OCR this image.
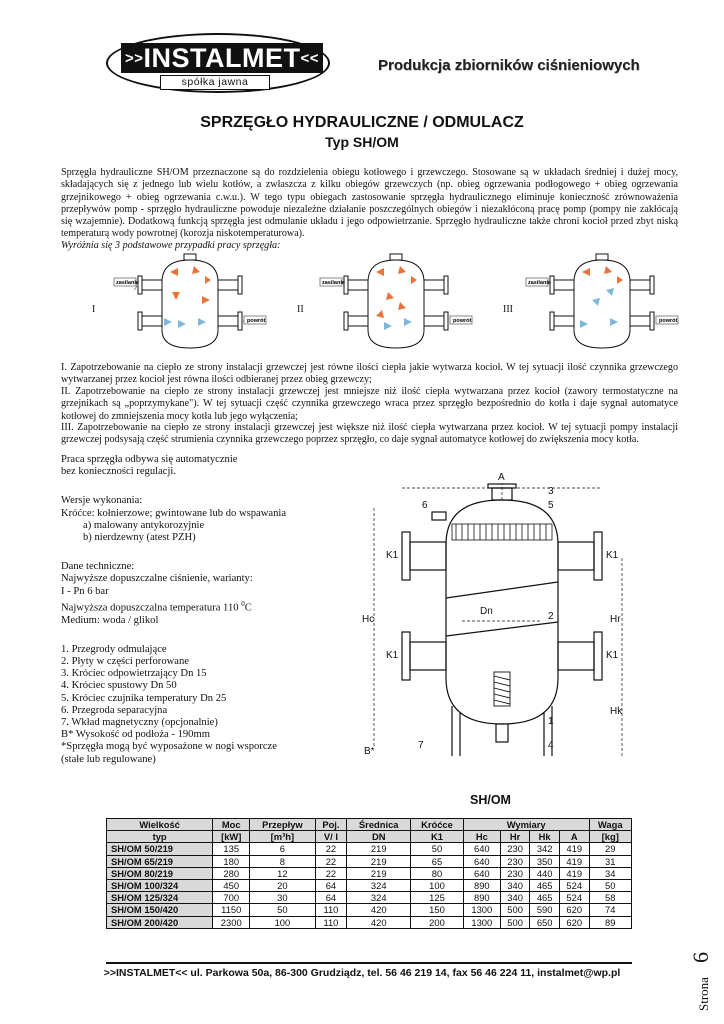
>>INSTALMET<<
spółka jawna
Produkcja zbiorników ciśnieniowych
SPRZĘGŁO HYDRAULICZNE / ODMULACZ
Typ SH/OM
Sprzęgła hydrauliczne SH/OM przeznaczone są do rozdzielenia obiegu kotłowego i grzewczego. Stosowane są w układach średniej i dużej mocy, składających się z jednego lub wielu kotłów, a zwłaszcza z kilku obiegów grzewczych (np. obieg ogrzewania podłogowego + obieg ogrzewania grzejnikowego + obieg ogrzewania c.w.u.). W tego typu obiegach zastosowanie sprzęgła hydraulicznego eliminuje konieczność zrównoważenia przepływów pomp - sprzęgło hydrauliczne powoduje niezależne działanie poszczególnych obiegów i niezakłóconą pracę pomp (pompy nie zakłócają się wzajemnie). Dodatkową funkcją sprzęgła jest odmulanie układu i jego odpowietrzanie. Sprzęgło hydrauliczne także chroni kocioł przed zbyt niską temperaturą wody powrotnej (korozja niskotemperaturowa).
Wyróżnia się 3 podstawowe przypadki pracy sprzęgła:
I	II	III
zasilanie
powrót
zasilanie
powrót
zasilanie
powrót
I. Zapotrzebowanie na ciepło ze strony instalacji grzewczej jest równe ilości ciepła jakie wytwarza kocioł. W tej sytuacji ilość czynnika grzewczego wytwarzanej przez kocioł jest równa ilości odbieranej przez obieg grzewczy;
II. Zapotrzebowanie na ciepło ze strony instalacji grzewczej jest mniejsze niż ilość ciepła wytwarzana przez kocioł (zawory termostatyczne na grzejnikach są „poprzymykane"). W tej sytuacji część czynnika grzewczego wraca przez sprzęgło bezpośrednio do kotła i daje sygnał automatyce kotłowej do zmniejszenia mocy kotła lub jego wyłączenia;
III. Zapotrzebowanie na ciepło ze strony instalacji grzewczej jest większe niż ilość ciepła wytwarzana przez kocioł. W tej sytuacji pompy instalacji grzewczej podsysają część strumienia czynnika grzewczego poprzez sprzęgło, co daje sygnał automatyce kotłowej do zwiększenia mocy kotła.
Praca sprzęgła odbywa się automatycznie
bez konieczności regulacji.
Wersje wykonania:
Króćce: kołnierzowe; gwintowane lub do wspawania
a) malowany antykorozyjnie
b) nierdzewny (atest PZH)
Dane techniczne:
Najwyższe dopuszczalne ciśnienie, warianty:
I - Pn 6 bar
Najwyższa dopuszczalna temperatura 110 $^0$C
Medium: woda / glikol
1. Przegrody odmulające
2. Płyty w części perforowane
3. Króciec odpowietrzający Dn 15
4. Króciec spustowy Dn 50
5. Króciec czujnika temperatury Dn 25
6. Przegroda separacyjna
7. Wkład magnetyczny (opcjonalnie)
B* Wysokość od podłoża - 190mm
*Sprzęgła mogą być wyposażone w nogi wsporcze
(stałe lub regulowane)
A
3
5
6
K1	K1
Dn
Hc	2	Hr
K1	K1
Hk
1
7	4
B*
SH/OM
Wielkość	Moc	Przepływ	Poj.	Średnica	Króćce	Wymiary				Waga
typ	[kW]	[m³h]	V/ l	DN	K1	Hc	Hr	Hk	A	[kg]
SH/OM 50/219	135	6	22	219	50	640	230	342	419	29
SH/OM 65/219	180	8	22	219	65	640	230	350	419	31
SH/OM 80/219	280	12	22	219	80	640	230	440	419	34
SH/OM 100/324	450	20	64	324	100	890	340	465	524	50
SH/OM 125/324	700	30	64	324	125	890	340	465	524	58
SH/OM 150/420	1150	50	110	420	150	1300	500	590	620	74
SH/OM 200/420	2300	100	110	420	200	1300	500	650	620	89
Strona
6
>>INSTALMET<< ul. Parkowa 50a, 86-300 Grudziądz, tel. 56 46 219 14, fax 56 46 224 11, instalmet@wp.pl
